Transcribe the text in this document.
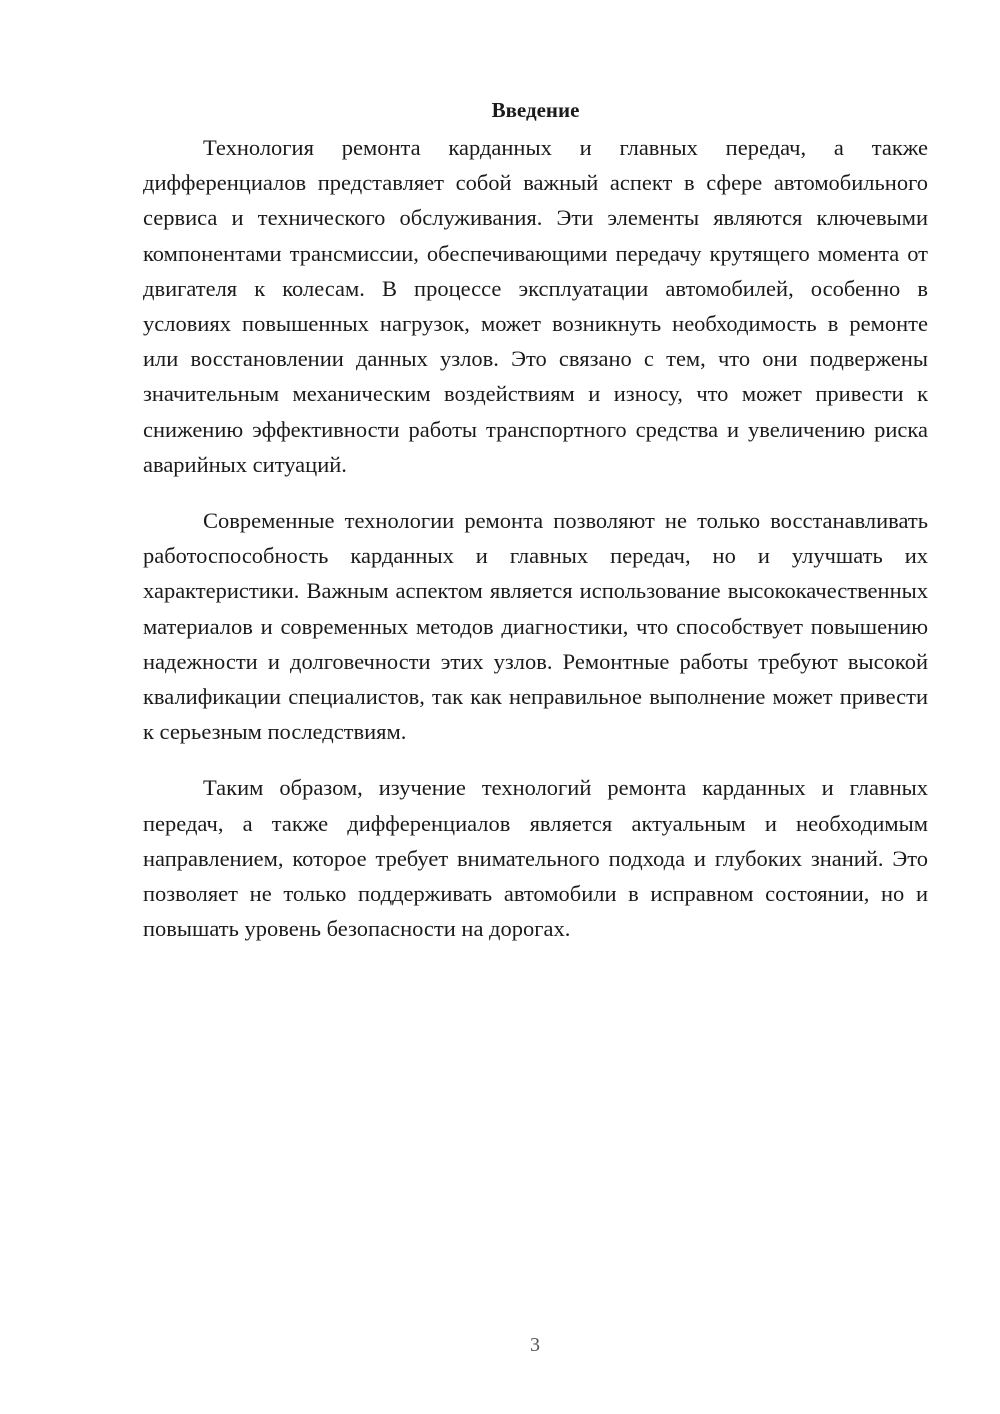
Введение

Технология ремонта карданных и главных передач, а также дифференциалов представляет собой важный аспект в сфере автомобильного сервиса и технического обслуживания. Эти элементы являются ключевыми компонентами трансмиссии, обеспечивающими передачу крутящего момента от двигателя к колесам. В процессе эксплуатации автомобилей, особенно в условиях повышенных нагрузок, может возникнуть необходимость в ремонте или восстановлении данных узлов. Это связано с тем, что они подвержены значительным механическим воздействиям и износу, что может привести к снижению эффективности работы транспортного средства и увеличению риска аварийных ситуаций.

Современные технологии ремонта позволяют не только восстанавливать работоспособность карданных и главных передач, но и улучшать их характеристики. Важным аспектом является использование высококачественных материалов и современных методов диагностики, что способствует повышению надежности и долговечности этих узлов. Ремонтные работы требуют высокой квалификации специалистов, так как неправильное выполнение может привести к серьезным последствиям.

Таким образом, изучение технологий ремонта карданных и главных передач, а также дифференциалов является актуальным и необходимым направлением, которое требует внимательного подхода и глубоких знаний. Это позволяет не только поддерживать автомобили в исправном состоянии, но и повышать уровень безопасности на дорогах.

3
